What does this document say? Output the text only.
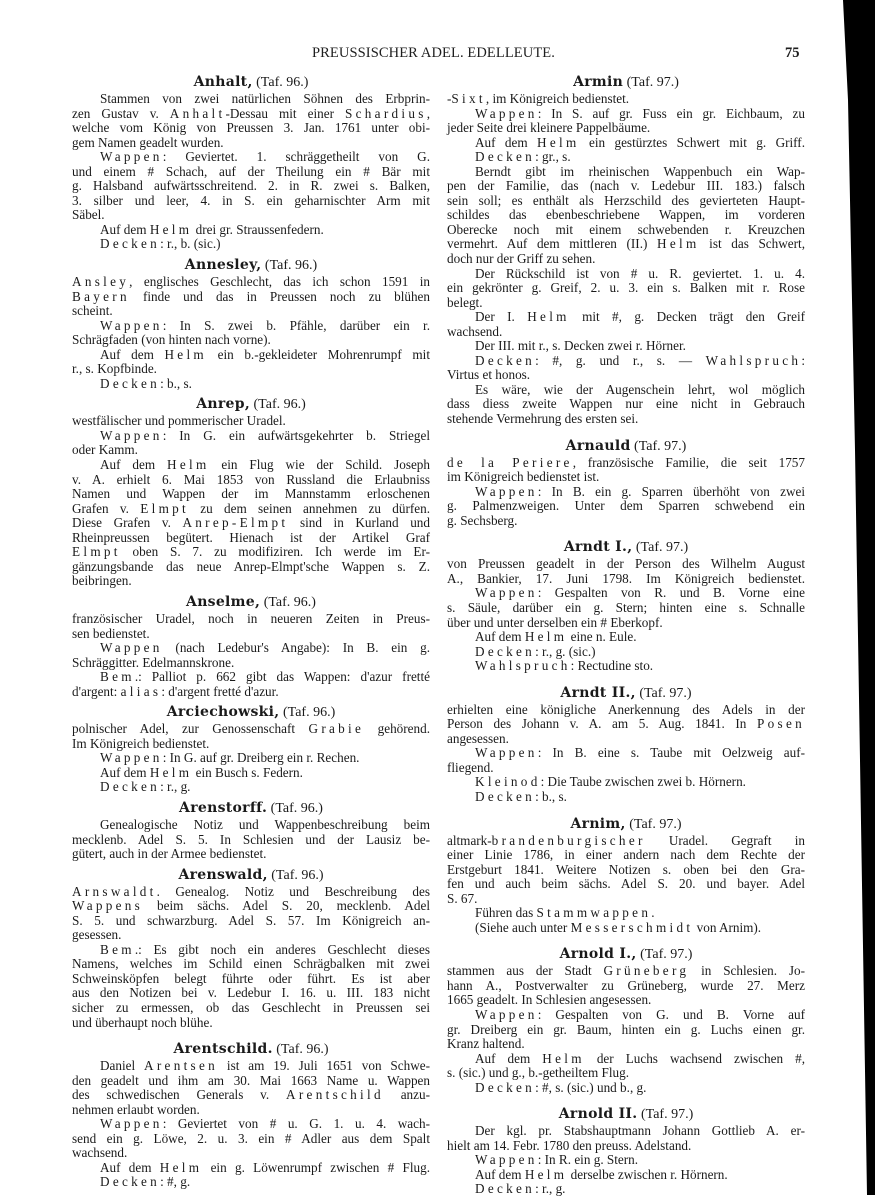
PREUSSISCHER ADEL. EDELLEUTE.	75
Anhalt, (Taf. 96.)
Stammen von zwei natürlichen Söhnen des Erbprin-
zen Gustav v. Anhalt-Dessau mit einer Schardius,
welche vom König von Preussen 3. Jan. 1761 unter obi-
gem Namen geadelt wurden.
Wappen: Geviertet. 1. schräggetheilt von G.
und einem # Schach, auf der Theilung ein # Bär mit
g. Halsband aufwärtsschreitend. 2. in R. zwei s. Balken,
3. silber und leer, 4. in S. ein geharnischter Arm mit
Säbel.
Auf dem Helm drei gr. Straussenfedern.
Decken: r., b. (sic.)
Annesley, (Taf. 96.)
Ansley, englisches Geschlecht, das ich schon 1591 in
Bayern finde und das in Preussen noch zu blühen
scheint.
Wappen: In S. zwei b. Pfähle, darüber ein r.
Schrägfaden (von hinten nach vorne).
Auf dem Helm ein b.-gekleideter Mohrenrumpf mit
r., s. Kopfbinde.
Decken: b., s.
Anrep, (Taf. 96.)
westfälischer und pommerischer Uradel.
Wappen: In G. ein aufwärtsgekehrter b. Striegel
oder Kamm.
Auf dem Helm ein Flug wie der Schild. Joseph
v. A. erhielt 6. Mai 1853 von Russland die Erlaubniss
Namen und Wappen der im Mannstamm erloschenen
Grafen v. Elmpt zu dem seinen annehmen zu dürfen.
Diese Grafen v. Anrep-Elmpt sind in Kurland und
Rheinpreussen begütert. Hienach ist der Artikel Graf
Elmpt oben S. 7. zu modifiziren. Ich werde im Er-
gänzungsbande das neue Anrep-Elmpt'sche Wappen s. Z.
beibringen.
Anselme, (Taf. 96.)
französischer Uradel, noch in neueren Zeiten in Preus-
sen bedienstet.
Wappen (nach Ledebur's Angabe): In B. ein g.
Schräggitter. Edelmannskrone.
Bem.: Palliot p. 662 gibt das Wappen: d'azur fretté
d'argent: alias: d'argent fretté d'azur.
Arciechowski, (Taf. 96.)
polnischer Adel, zur Genossenschaft Grabie gehörend.
Im Königreich bedienstet.
Wappen: In G. auf gr. Dreiberg ein r. Rechen.
Auf dem Helm ein Busch s. Federn.
Decken: r., g.
Arenstorff. (Taf. 96.)
Genealogische Notiz und Wappenbeschreibung beim
mecklenb. Adel S. 5. In Schlesien und der Lausiz be-
gütert, auch in der Armee bedienstet.
Arenswald, (Taf. 96.)
Arnswaldt. Genealog. Notiz und Beschreibung des
Wappens beim sächs. Adel S. 20, mecklenb. Adel
S. 5. und schwarzburg. Adel S. 57. Im Königreich an-
gesessen.
Bem.: Es gibt noch ein anderes Geschlecht dieses
Namens, welches im Schild einen Schrägbalken mit zwei
Schweinsköpfen belegt führte oder führt. Es ist aber
aus den Notizen bei v. Ledebur I. 16. u. III. 183 nicht
sicher zu ermessen, ob das Geschlecht in Preussen sei
und überhaupt noch blühe.
Arentschild. (Taf. 96.)
Daniel Arentsen ist am 19. Juli 1651 von Schwe-
den geadelt und ihm am 30. Mai 1663 Name u. Wappen
des schwedischen Generals v. Arentschild anzu-
nehmen erlaubt worden.
Wappen: Geviertet von # u. G. 1. u. 4. wach-
send ein g. Löwe, 2. u. 3. ein # Adler aus dem Spalt
wachsend.
Auf dem Helm ein g. Löwenrumpf zwischen # Flug.
Decken: #, g.
Armin (Taf. 97.)
-Sixt, im Königreich bedienstet.
Wappen: In S. auf gr. Fuss ein gr. Eichbaum, zu
jeder Seite drei kleinere Pappelbäume.
Auf dem Helm ein gestürztes Schwert mit g. Griff.
Decken: gr., s.
Berndt gibt im rheinischen Wappenbuch ein Wap-
pen der Familie, das (nach v. Ledebur III. 183.) falsch
sein soll; es enthält als Herzschild des gevierteten Haupt-
schildes das ebenbeschriebene Wappen, im vorderen
Oberecke noch mit einem schwebenden r. Kreuzchen
vermehrt. Auf dem mittleren (II.) Helm ist das Schwert,
doch nur der Griff zu sehen.
Der Rückschild ist von # u. R. geviertet. 1. u. 4.
ein gekrönter g. Greif, 2. u. 3. ein s. Balken mit r. Rose
belegt.
Der I. Helm mit #, g. Decken trägt den Greif
wachsend.
Der III. mit r., s. Decken zwei r. Hörner.
Decken: #, g. und r., s. — Wahlspruch:
Virtus et honos.
Es wäre, wie der Augenschein lehrt, wol möglich
dass diess zweite Wappen nur eine nicht in Gebrauch
stehende Vermehrung des ersten sei.
Arnauld (Taf. 97.)
de la Periere, französische Familie, die seit 1757
im Königreich bedienstet ist.
Wappen: In B. ein g. Sparren überhöht von zwei
g. Palmenzweigen. Unter dem Sparren schwebend ein
g. Sechsberg.
Arndt I., (Taf. 97.)
von Preussen geadelt in der Person des Wilhelm August
A., Bankier, 17. Juni 1798. Im Königreich bedienstet.
Wappen: Gespalten von R. und B. Vorne eine
s. Säule, darüber ein g. Stern; hinten eine s. Schnalle
über und unter derselben ein # Eberkopf.
Auf dem Helm eine n. Eule.
Decken: r., g. (sic.)
Wahlspruch: Rectudine sto.
Arndt II., (Taf. 97.)
erhielten eine königliche Anerkennung des Adels in der
Person des Johann v. A. am 5. Aug. 1841. In Posen
angesessen.
Wappen: In B. eine s. Taube mit Oelzweig auf-
fliegend.
Kleinod: Die Taube zwischen zwei b. Hörnern.
Decken: b., s.
Arnim, (Taf. 97.)
altmark-brandenburgischer Uradel. Gegraft in
einer Linie 1786, in einer andern nach dem Rechte der
Erstgeburt 1841. Weitere Notizen s. oben bei den Gra-
fen und auch beim sächs. Adel S. 20. und bayer. Adel
S. 67.
Führen das Stammwappen.
(Siehe auch unter Messerschmidt von Arnim).
Arnold I., (Taf. 97.)
stammen aus der Stadt Grüneberg in Schlesien. Jo-
hann A., Postverwalter zu Grüneberg, wurde 27. Merz
1665 geadelt. In Schlesien angesessen.
Wappen: Gespalten von G. und B. Vorne auf
gr. Dreiberg ein gr. Baum, hinten ein g. Luchs einen gr.
Kranz haltend.
Auf dem Helm der Luchs wachsend zwischen #,
s. (sic.) und g., b.-getheiltem Flug.
Decken: #, s. (sic.) und b., g.
Arnold II. (Taf. 97.)
Der kgl. pr. Stabshauptmann Johann Gottlieb A. er-
hielt am 14. Febr. 1780 den preuss. Adelstand.
Wappen: In R. ein g. Stern.
Auf dem Helm derselbe zwischen r. Hörnern.
Decken: r., g.
